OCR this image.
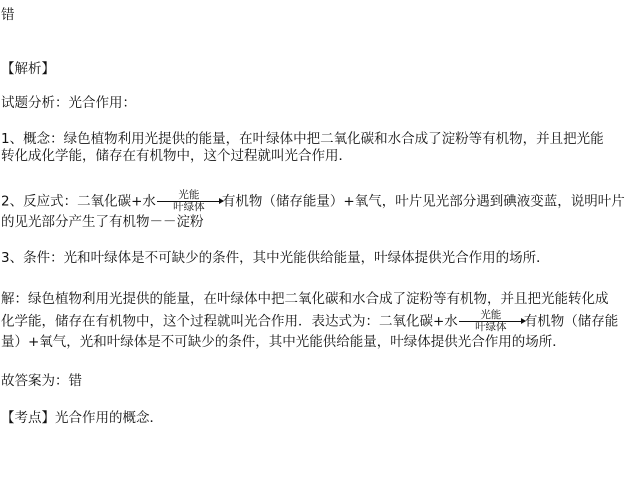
错
【解析】
试题分析：光合作用：
1、概念：绿色植物利用光提供的能量，在叶绿体中把二氧化碳和水合成了淀粉等有机物，并且把光能
转化成化学能，储存在有机物中，这个过程就叫光合作用．
2、反应式：二氧化碳+水 $\frac{\text{光能}}{\text{叶绿体}}$ 有机物（储存能量）+氧气，叶片见光部分遇到碘液变蓝，说明叶片
的见光部分产生了有机物－－淀粉
3、条件：光和叶绿体是不可缺少的条件，其中光能供给能量，叶绿体提供光合作用的场所．
解：绿色植物利用光提供的能量，在叶绿体中把二氧化碳和水合成了淀粉等有机物，并且把光能转化成
化学能，储存在有机物中，这个过程就叫光合作用．表达式为：二氧化碳+水 $\frac{\text{光能}}{\text{叶绿体}}$ 有机物（储存能
量）+氧气，光和叶绿体是不可缺少的条件，其中光能供给能量，叶绿体提供光合作用的场所．
故答案为：错
【考点】光合作用的概念．
